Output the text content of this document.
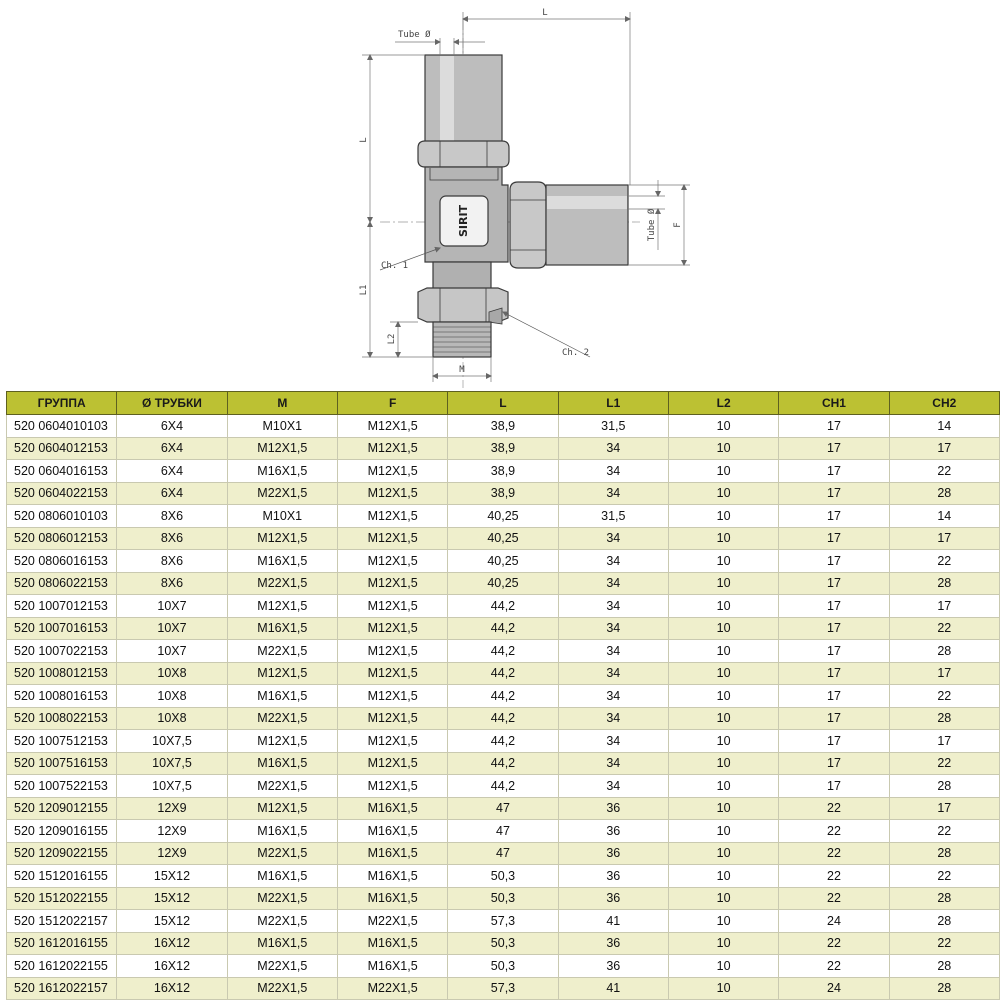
SIRIT
L
Tube Ø
L
L1
L2
M
Tube Ø F
Ch. 1
Ch. 2
ГРУППА	Ø ТРУБКИ	M	F	L	L1	L2	CH1	CH2
520 0604010103	6X4	M10X1	M12X1,5	38,9	31,5	10	17	14
520 0604012153	6X4	M12X1,5	M12X1,5	38,9	34	10	17	17
520 0604016153	6X4	M16X1,5	M12X1,5	38,9	34	10	17	22
520 0604022153	6X4	M22X1,5	M12X1,5	38,9	34	10	17	28
520 0806010103	8X6	M10X1	M12X1,5	40,25	31,5	10	17	14
520 0806012153	8X6	M12X1,5	M12X1,5	40,25	34	10	17	17
520 0806016153	8X6	M16X1,5	M12X1,5	40,25	34	10	17	22
520 0806022153	8X6	M22X1,5	M12X1,5	40,25	34	10	17	28
520 1007012153	10X7	M12X1,5	M12X1,5	44,2	34	10	17	17
520 1007016153	10X7	M16X1,5	M12X1,5	44,2	34	10	17	22
520 1007022153	10X7	M22X1,5	M12X1,5	44,2	34	10	17	28
520 1008012153	10X8	M12X1,5	M12X1,5	44,2	34	10	17	17
520 1008016153	10X8	M16X1,5	M12X1,5	44,2	34	10	17	22
520 1008022153	10X8	M22X1,5	M12X1,5	44,2	34	10	17	28
520 1007512153	10X7,5	M12X1,5	M12X1,5	44,2	34	10	17	17
520 1007516153	10X7,5	M16X1,5	M12X1,5	44,2	34	10	17	22
520 1007522153	10X7,5	M22X1,5	M12X1,5	44,2	34	10	17	28
520 1209012155	12X9	M12X1,5	M16X1,5	47	36	10	22	17
520 1209016155	12X9	M16X1,5	M16X1,5	47	36	10	22	22
520 1209022155	12X9	M22X1,5	M16X1,5	47	36	10	22	28
520 1512016155	15X12	M16X1,5	M16X1,5	50,3	36	10	22	22
520 1512022155	15X12	M22X1,5	M16X1,5	50,3	36	10	22	28
520 1512022157	15X12	M22X1,5	M22X1,5	57,3	41	10	24	28
520 1612016155	16X12	M16X1,5	M16X1,5	50,3	36	10	22	22
520 1612022155	16X12	M22X1,5	M16X1,5	50,3	36	10	22	28
520 1612022157	16X12	M22X1,5	M22X1,5	57,3	41	10	24	28
